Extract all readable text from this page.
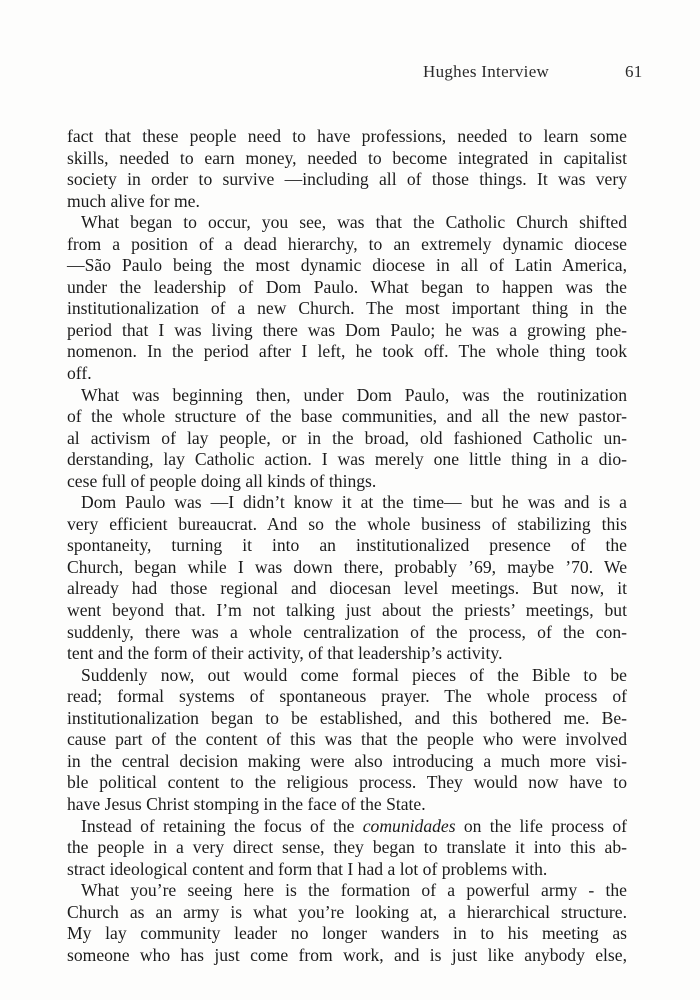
Hughes Interview	61
fact that these people need to have professions, needed to learn some
skills, needed to earn money, needed to become integrated in capitalist
society in order to survive —including all of those things. It was very
much alive for me.
What began to occur, you see, was that the Catholic Church shifted
from a position of a dead hierarchy, to an extremely dynamic diocese
—São Paulo being the most dynamic diocese in all of Latin America,
under the leadership of Dom Paulo. What began to happen was the
institutionalization of a new Church. The most important thing in the
period that I was living there was Dom Paulo; he was a growing phe-
nomenon. In the period after I left, he took off. The whole thing took
off.
What was beginning then, under Dom Paulo, was the routinization
of the whole structure of the base communities, and all the new pastor-
al activism of lay people, or in the broad, old fashioned Catholic un-
derstanding, lay Catholic action. I was merely one little thing in a dio-
cese full of people doing all kinds of things.
Dom Paulo was —I didn’t know it at the time— but he was and is a
very efficient bureaucrat. And so the whole business of stabilizing this
spontaneity, turning it into an institutionalized presence of the
Church, began while I was down there, probably ’69, maybe ’70. We
already had those regional and diocesan level meetings. But now, it
went beyond that. I’m not talking just about the priests’ meetings, but
suddenly, there was a whole centralization of the process, of the con-
tent and the form of their activity, of that leadership’s activity.
Suddenly now, out would come formal pieces of the Bible to be
read; formal systems of spontaneous prayer. The whole process of
institutionalization began to be established, and this bothered me. Be-
cause part of the content of this was that the people who were involved
in the central decision making were also introducing a much more visi-
ble political content to the religious process. They would now have to
have Jesus Christ stomping in the face of the State.
Instead of retaining the focus of the comunidades on the life process of
the people in a very direct sense, they began to translate it into this ab-
stract ideological content and form that I had a lot of problems with.
What you’re seeing here is the formation of a powerful army - the
Church as an army is what you’re looking at, a hierarchical structure.
My lay community leader no longer wanders in to his meeting as
someone who has just come from work, and is just like anybody else,
